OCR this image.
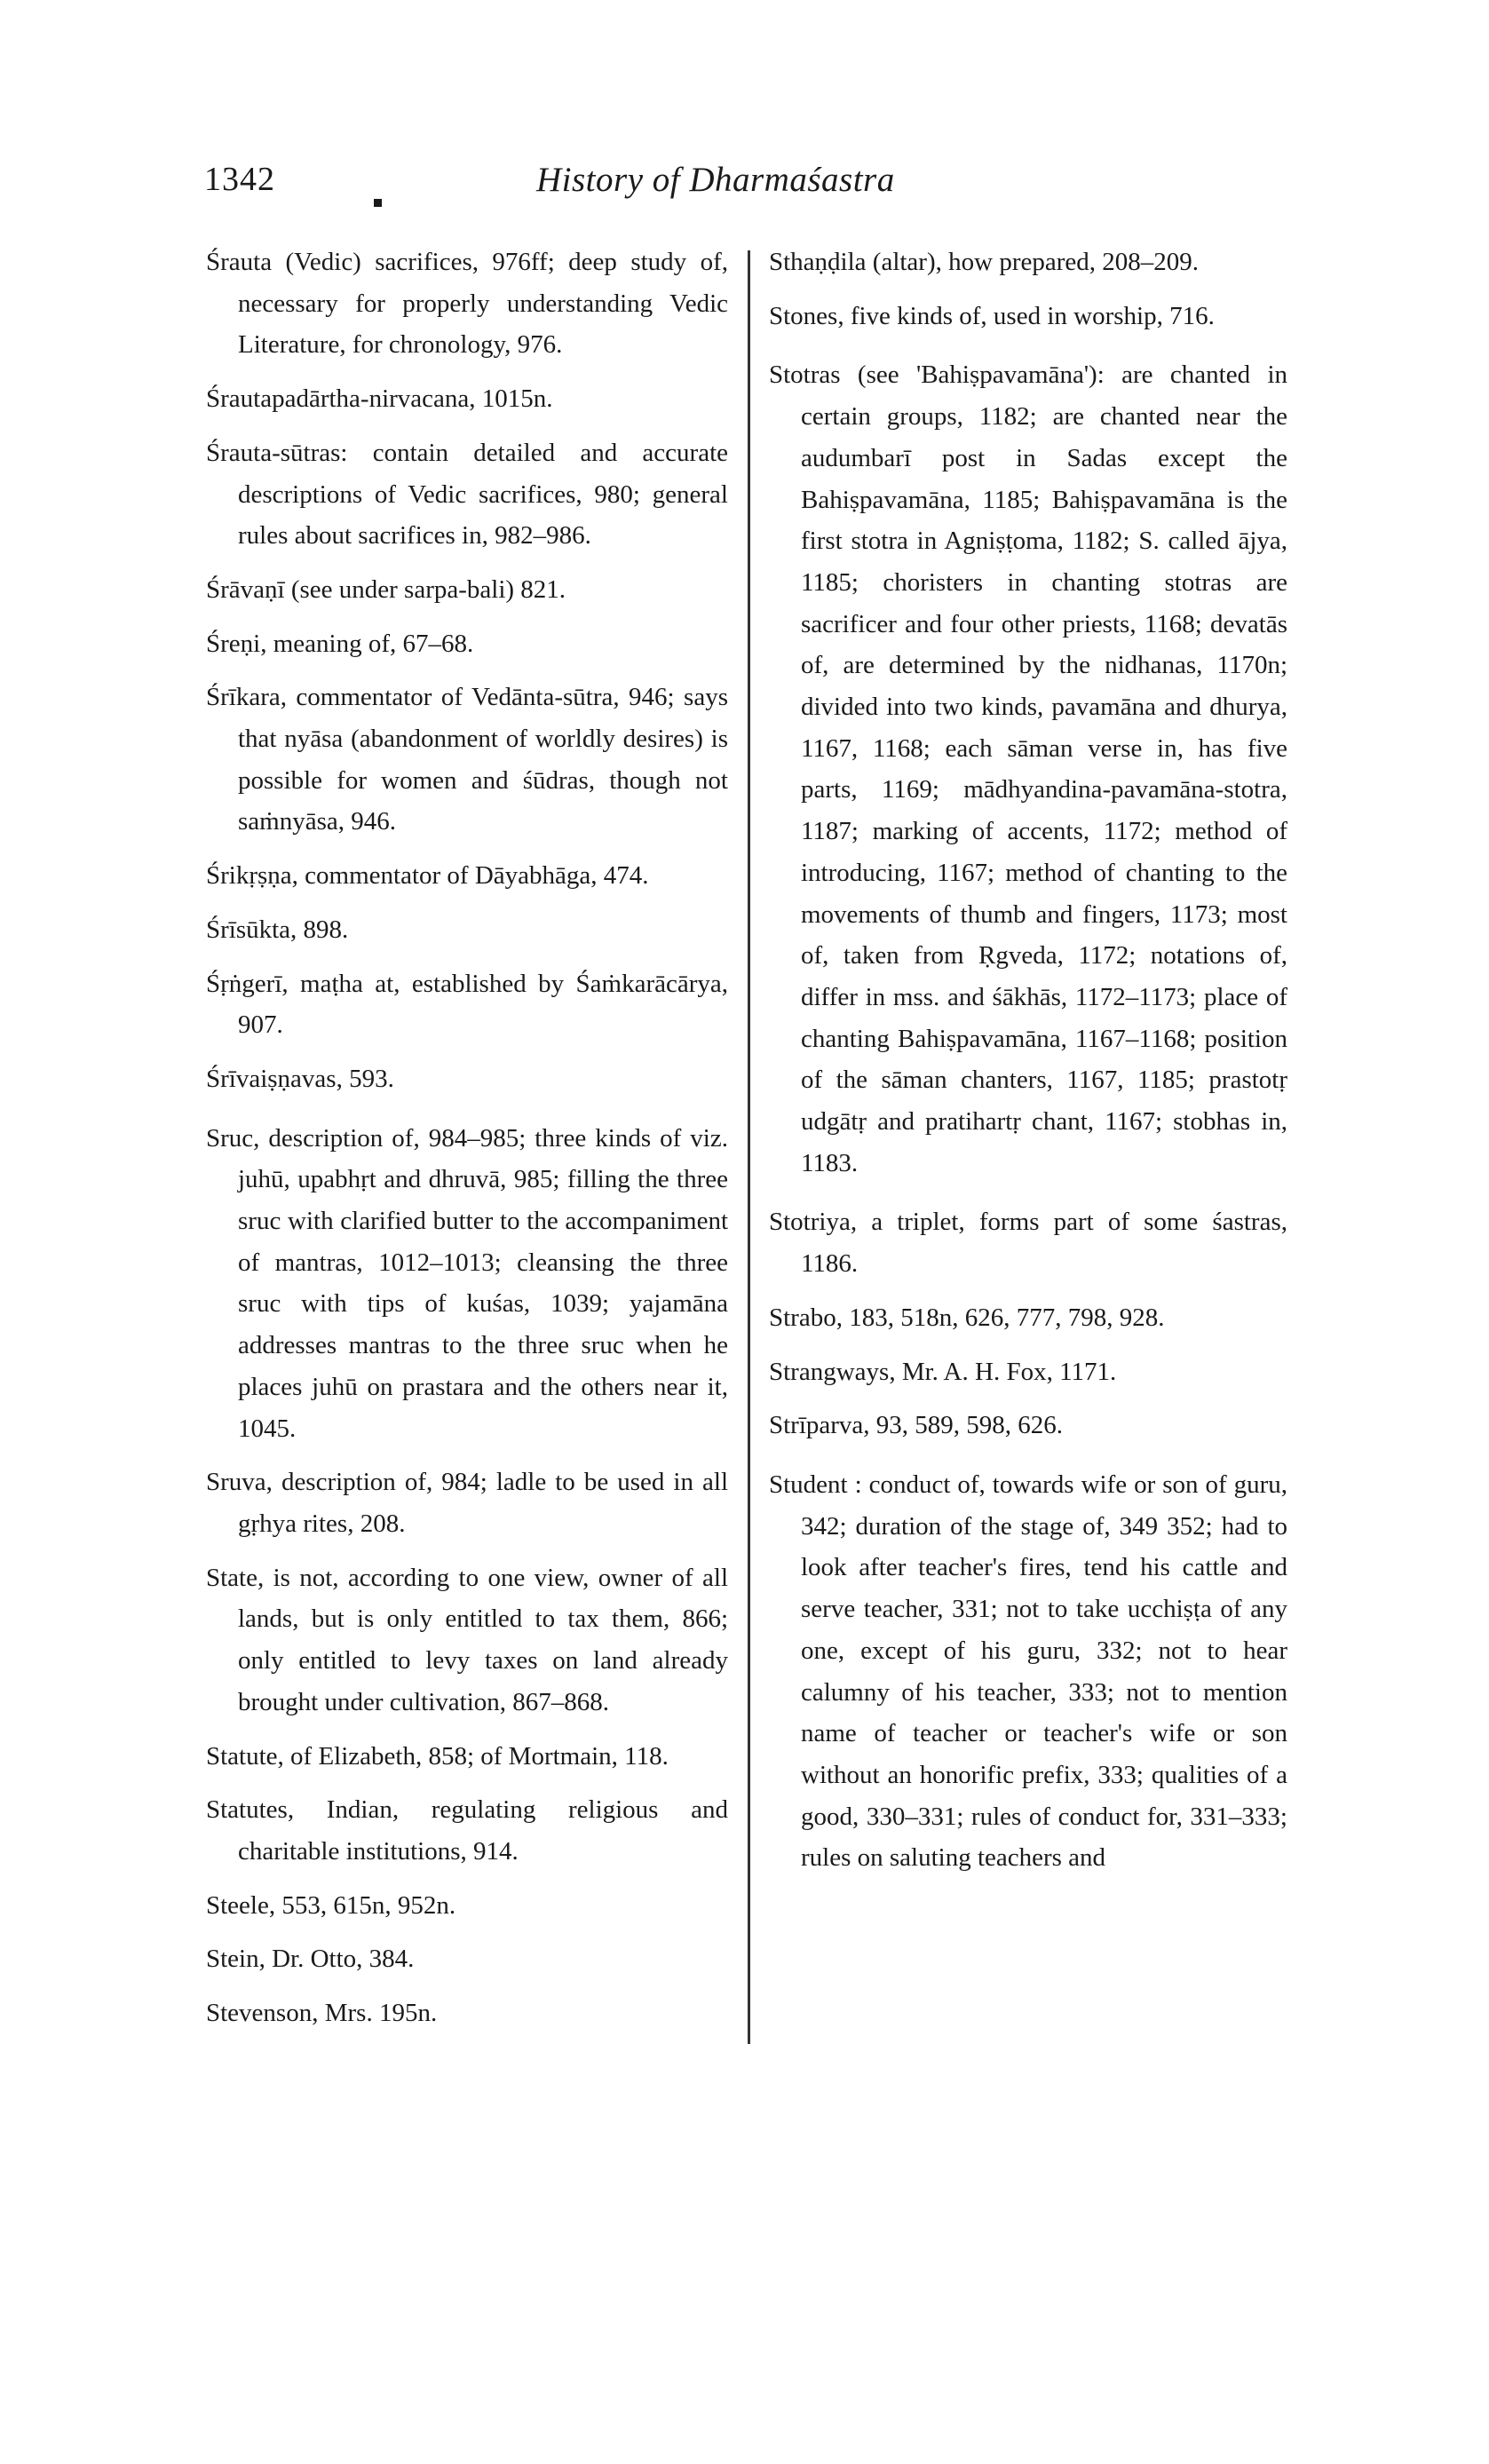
1342	History of Dharmaśastra
Śrauta (Vedic) sacrifices, 976ff; deep study of, necessary for properly understanding Vedic Literature, for chronology, 976.
Śrautapadārtha-nirvacana, 1015n.
Śrauta-sūtras: contain detailed and accurate descriptions of Vedic sacrifices, 980; general rules about sacrifices in, 982–986.
Śrāvaṇī (see under sarpa-bali) 821.
Śreṇi, meaning of, 67–68.
Śrīkara, commentator of Vedānta-sūtra, 946; says that nyāsa (abandonment of worldly desires) is possible for women and śūdras, though not saṁnyāsa, 946.
Śrikṛṣṇa, commentator of Dāyabhāga, 474.
Śrīsūkta, 898.
Śṛṅgerī, maṭha at, established by Śaṁkarācārya, 907.
Śrīvaiṣṇavas, 593.
Sruc, description of, 984–985; three kinds of viz. juhū, upabhṛt and dhruvā, 985; filling the three sruc with clarified butter to the accompaniment of mantras, 1012–1013; cleansing the three sruc with tips of kuśas, 1039; yajamāna addresses mantras to the three sruc when he places juhū on prastara and the others near it, 1045.
Sruva, description of, 984; ladle to be used in all gṛhya rites, 208.
State, is not, according to one view, owner of all lands, but is only entitled to tax them, 866; only entitled to levy taxes on land already brought under cultivation, 867–868.
Statute, of Elizabeth, 858; of Mortmain, 118.
Statutes, Indian, regulating religious and charitable institutions, 914.
Steele, 553, 615n, 952n.
Stein, Dr. Otto, 384.
Stevenson, Mrs. 195n.
Sthaṇḍila (altar), how prepared, 208–209.
Stones, five kinds of, used in worship, 716.
Stotras (see 'Bahiṣpavamāna'): are chanted in certain groups, 1182; are chanted near the audumbarī post in Sadas except the Bahiṣpavamāna, 1185; Bahiṣpavamāna is the first stotra in Agniṣṭoma, 1182; S. called ājya, 1185; choristers in chanting stotras are sacrificer and four other priests, 1168; devatās of, are determined by the nidhanas, 1170n; divided into two kinds, pavamāna and dhurya, 1167, 1168; each sāman verse in, has five parts, 1169; mādhyandina-pavamāna-stotra, 1187; marking of accents, 1172; method of introducing, 1167; method of chanting to the movements of thumb and fingers, 1173; most of, taken from Ṛgveda, 1172; notations of, differ in mss. and śākhās, 1172–1173; place of chanting Bahiṣpavamāna, 1167–1168; position of the sāman chanters, 1167, 1185; prastotṛ udgātṛ and pratihartṛ chant, 1167; stobhas in, 1183.
Stotriya, a triplet, forms part of some śastras, 1186.
Strabo, 183, 518n, 626, 777, 798, 928.
Strangways, Mr. A. H. Fox, 1171.
Strīparva, 93, 589, 598, 626.
Student : conduct of, towards wife or son of guru, 342; duration of the stage of, 349 352; had to look after teacher's fires, tend his cattle and serve teacher, 331; not to take ucchiṣṭa of any one, except of his guru, 332; not to hear calumny of his teacher, 333; not to mention name of teacher or teacher's wife or son without an honorific prefix, 333; qualities of a good, 330–331; rules of conduct for, 331–333; rules on saluting teachers and
